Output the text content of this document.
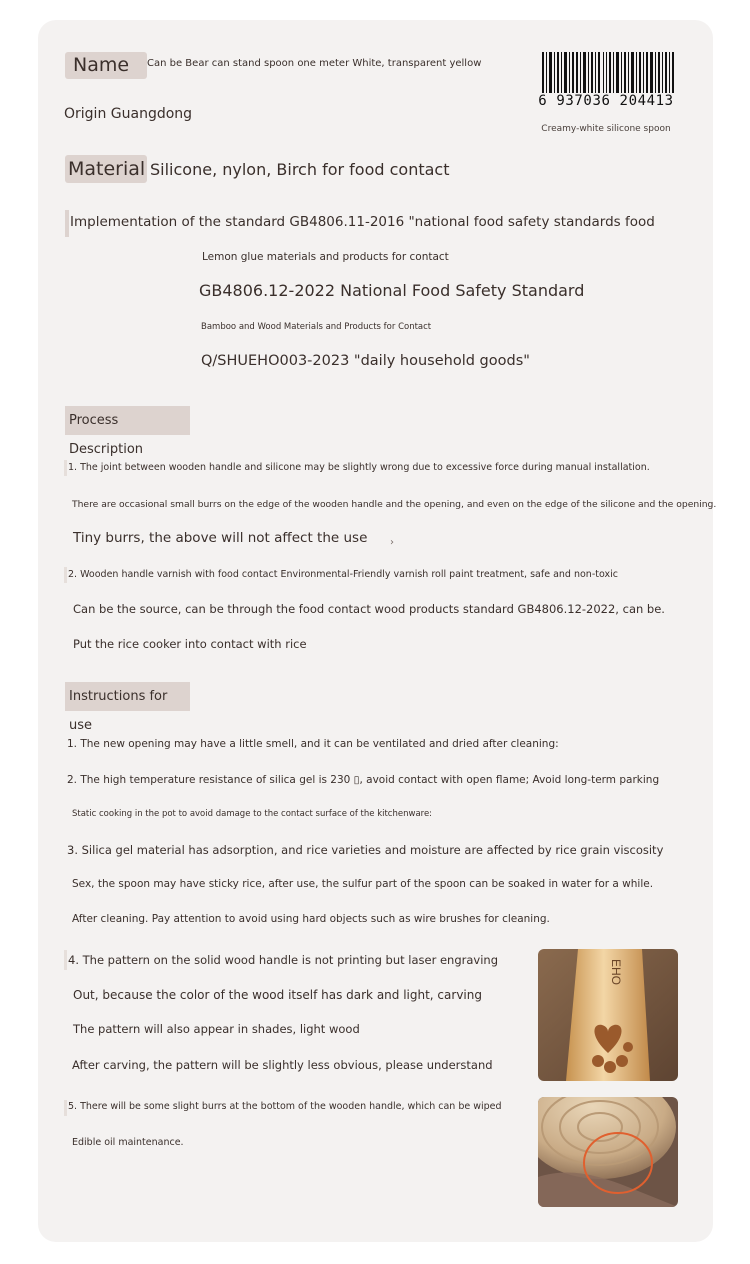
Name	Can be Bear can stand spoon one meter White, transparent yellow
Origin Guangdong
6 937036 204413
Creamy-white silicone spoon
Material Silicone, nylon, Birch for food contact
Implementation of the standard GB4806.11-2016 "national food safety standards food
Lemon glue materials and products for contact
GB4806.12-2022 National Food Safety Standard
Bamboo and Wood Materials and Products for Contact
Q/SHUEHO003-2023 "daily household goods"
Process Description
1. The joint between wooden handle and silicone may be slightly wrong due to excessive force during manual installation.
There are occasional small burrs on the edge of the wooden handle and the opening, and even on the edge of the silicone and the opening.
Tiny burrs, the above will not affect the use ›
2. Wooden handle varnish with food contact Environmental-Friendly varnish roll paint treatment, safe and non-toxic
Can be the source, can be through the food contact wood products standard GB4806.12-2022, can be.
Put the rice cooker into contact with rice
Instructions for use
1. The new opening may have a little smell, and it can be ventilated and dried after cleaning:
2. The high temperature resistance of silica gel is 230 ▯, avoid contact with open flame; Avoid long-term parking
Static cooking in the pot to avoid damage to the contact surface of the kitchenware:
3. Silica gel material has adsorption, and rice varieties and moisture are affected by rice grain viscosity
Sex, the spoon may have sticky rice, after use, the sulfur part of the spoon can be soaked in water for a while.
After cleaning. Pay attention to avoid using hard objects such as wire brushes for cleaning.
4. The pattern on the solid wood handle is not printing but laser engraving
Out, because the color of the wood itself has dark and light, carving
The pattern will also appear in shades, light wood
After carving, the pattern will be slightly less obvious, please understand
5. There will be some slight burrs at the bottom of the wooden handle, which can be wiped
Edible oil maintenance.
EHO
